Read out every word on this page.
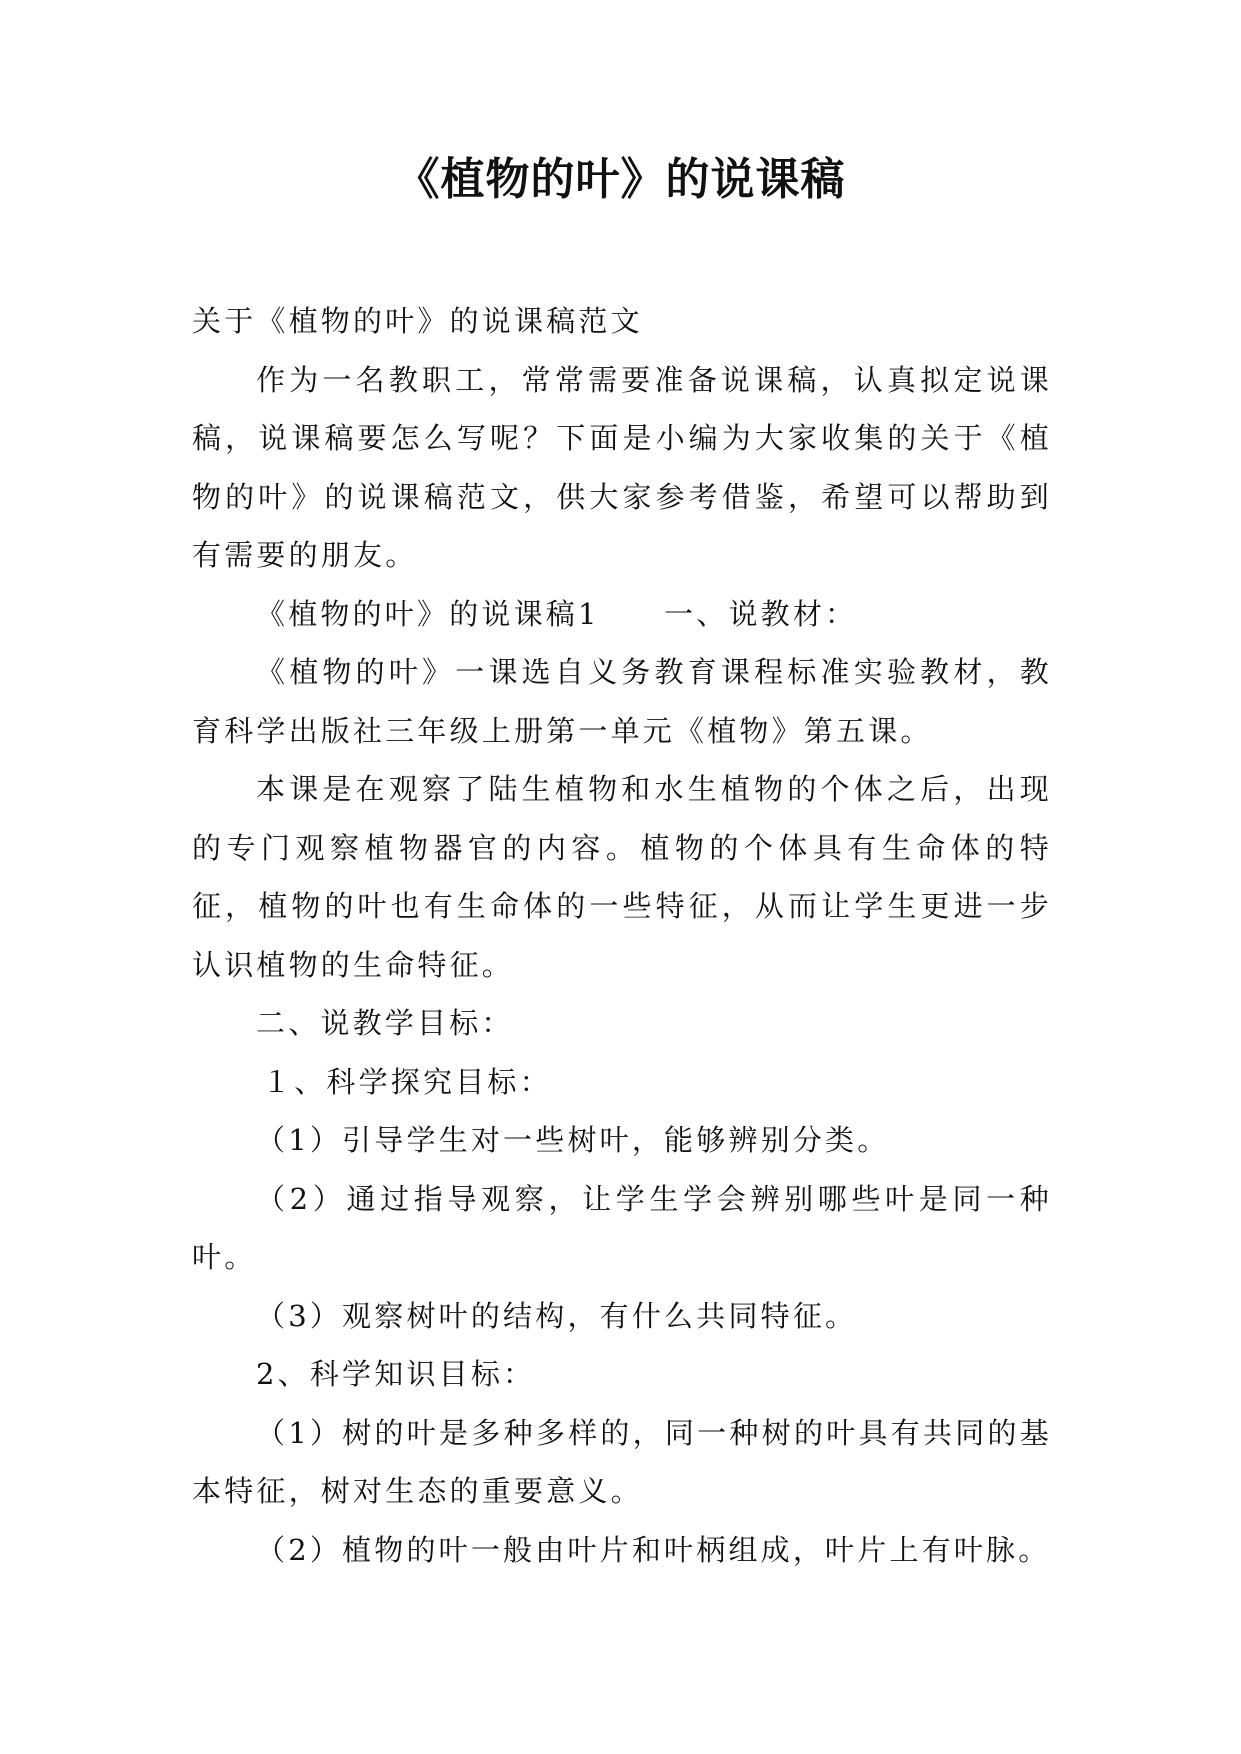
《植物的叶》的说课稿

关于《植物的叶》的说课稿范文

作为一名教职工，常常需要准备说课稿，认真拟定说课稿，说课稿要怎么写呢？下面是小编为大家收集的关于《植物的叶》的说课稿范文，供大家参考借鉴，希望可以帮助到有需要的朋友。

《植物的叶》的说课稿1　　一、说教材：

《植物的叶》一课选自义务教育课程标准实验教材，教育科学出版社三年级上册第一单元《植物》第五课。

本课是在观察了陆生植物和水生植物的个体之后，出现的专门观察植物器官的内容。植物的个体具有生命体的特征，植物的叶也有生命体的一些特征，从而让学生更进一步认识植物的生命特征。

二、说教学目标：

１、科学探究目标：

（1）引导学生对一些树叶，能够辨别分类。

（2）通过指导观察，让学生学会辨别哪些叶是同一种叶。

（3）观察树叶的结构，有什么共同特征。

2、科学知识目标：

（1）树的叶是多种多样的，同一种树的叶具有共同的基本特征，树对生态的重要意义。

（2）植物的叶一般由叶片和叶柄组成，叶片上有叶脉。
